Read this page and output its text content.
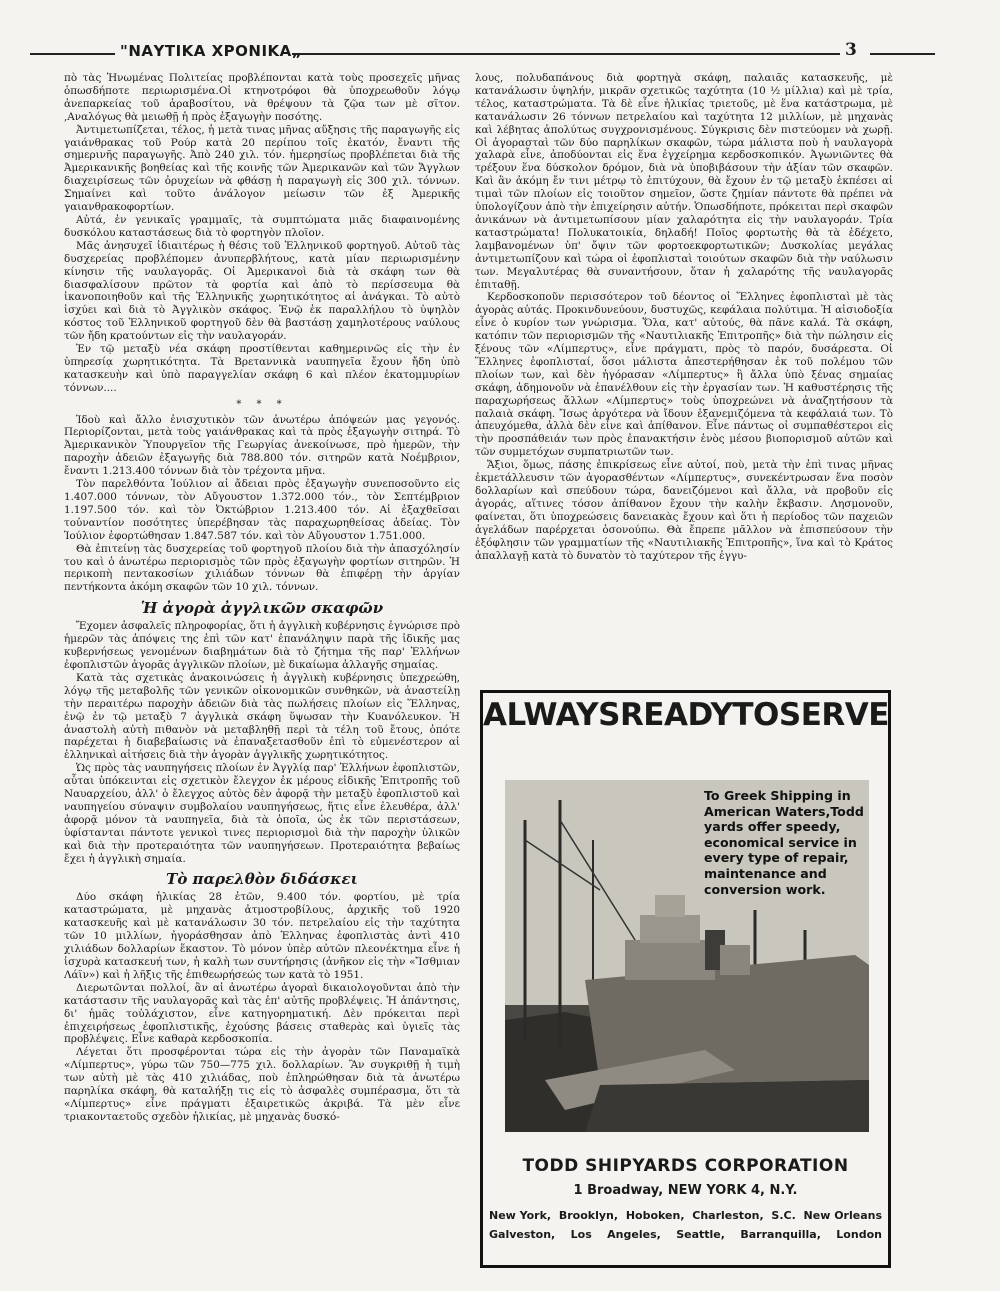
"ΝΑΥΤΙΚΑ ΧΡΟΝΙΚΑ„	3

πὸ τὰς Ἡνωμένας Πολιτείας προβλέπονται κατὰ τοὺς προσεχεῖς μῆνας ὁπωσδήποτε περιωρισμένα.Οἱ κτηνοτρόφοι θὰ ὑποχρεωθοῦν λόγῳ ἀνεπαρκείας τοῦ ἀραβοσίτου, νὰ θρέψουν τὰ ζῷα των μὲ σῖτον. ,Αναλόγως θὰ μειωθῇ ἡ πρὸς ἐξαγωγὴν ποσότης.

Ἀντιμετωπίζεται, τέλος, ἡ μετὰ τινας μῆνας αὔξησις τῆς παραγωγῆς εἰς γαιάνθρακας τοῦ Ρούρ κατὰ 20 περίπου τοῖς ἑκατόν, ἔναντι τῆς σημερινῆς παραγωγῆς. Ἀπὸ 240 χιλ. τόν. ἡμερησίως προβλέπεται διὰ τῆς Ἀμερικανικῆς βοηθείας καὶ τῆς κοινῆς τῶν Ἀμερικανῶν καὶ τῶν Ἄγγλων διαχειρίσεως τῶν ὀρυχείων νὰ φθάσῃ ἡ παραγωγὴ εἰς 300 χιλ. τόννων. Σημαίνει καὶ τοῦτο ἀνάλογον μείωσιν τῶν ἐξ Ἀμερικῆς γαιανθρακοφορτίων.

Αὐτά, ἐν γενικαῖς γραμμαῖς, τὰ συμπτώματα μιᾶς διαφαινομένης δυσκόλου καταστάσεως διὰ τὸ φορτηγὸν πλοῖον.

Μᾶς ἀνησυχεῖ ἰδιαιτέρως ἡ θέσις τοῦ Ἑλληνικοῦ φορτηγοῦ. Αὐτοῦ τὰς δυσχερείας προβλέπομεν ἀνυπερβλήτους, κατὰ μίαν περιωρισμένην κίνησιν τῆς ναυλαγορᾶς. Οἱ Ἀμερικανοὶ διὰ τὰ σκάφη των θὰ διασφαλίσουν πρῶτον τὰ φορτία καὶ ἀπὸ τὸ περίσσευμα θὰ ἱκανοποιηθοῦν καὶ τῆς Ἑλληνικῆς χωρητικότητος αἱ ἀνάγκαι. Τὸ αὐτὸ ἰσχύει καὶ διὰ τὸ Ἀγγλικὸν σκάφος. Ἐνῷ ἐκ παραλλήλου τὸ ὑψηλὸν κόστος τοῦ Ἑλληνικοῦ φορτηγοῦ δὲν θὰ βαστάσῃ χαμηλοτέρους ναύλους τῶν ἤδη κρατούντων εἰς τὴν ναυλαγοράν.

Ἐν τῷ μεταξὺ νέα σκάφη προστίθενται καθημερινῶς εἰς τὴν ἐν ὑπηρεσίᾳ χωρητικότητα. Τὰ Βρεταννικὰ ναυπηγεῖα ἔχουν ἤδη ὑπὸ κατασκευὴν καὶ ὑπὸ παραγγελίαν σκάφη 6 καὶ πλέον ἑκατομμυρίων τόννων....

* * *

Ἰδοὺ καὶ ἄλλο ἐνισχυτικὸν τῶν ἀνωτέρω ἀπόψεών μας γεγονός. Περιορίζονται, μετὰ τοὺς γαιάνθρακας καὶ τὰ πρὸς ἐξαγωγὴν σιτηρά. Τὸ Ἀμερικανικὸν Ὑπουργεῖον τῆς Γεωργίας ἀνεκοίνωσε, πρὸ ἡμερῶν, τὴν παροχὴν ἀδειῶν ἐξαγωγῆς διὰ 788.800 τόν. σιτηρῶν κατὰ Νοέμβριον, ἔναντι 1.213.400 τόννων διὰ τὸν τρέχοντα μῆνα.

Τὸν παρελθόντα Ἰούλιον αἱ ἄδειαι πρὸς ἐξαγωγὴν συνεποσοῦντο εἰς 1.407.000 τόννων, τὸν Αὔγουστον 1.372.000 τόν., τὸν Σεπτέμβριον 1.197.500 τόν. καὶ τὸν Ὀκτώβριον 1.213.400 τόν. Αἱ ἐξαχθεῖσαι τοὐναντίον ποσότητες ὑπερέβησαν τὰς παραχωρηθείσας ἀδείας. Τὸν Ἰούλιον ἐφορτώθησαν 1.847.587 τόν. καὶ τὸν Αὔγουστον 1.751.000.

Θὰ ἐπιτείνῃ τὰς δυσχερείας τοῦ φορτηγοῦ πλοίου διὰ τὴν ἀπασχόλησίν του καὶ ὁ ἀνωτέρω περιορισμὸς τῶν πρὸς ἐξαγωγὴν φορτίων σιτηρῶν. Ἡ περικοπὴ πεντακοσίων χιλιάδων τόννων θὰ ἐπιφέρῃ τὴν ἀργίαν πεντήκοντα ἀκόμη σκαφῶν τῶν 10 χιλ. τόννων.

Ἡ ἀγορὰ ἀγγλικῶν σκαφῶν

Ἔχομεν ἀσφαλεῖς πληροφορίας, ὅτι ἡ ἀγγλικὴ κυβέρνησις ἐγνώρισε πρὸ ἡμερῶν τὰς ἀπόψεις της ἐπὶ τῶν κατ' ἐπανάληψιν παρὰ τῆς ἰδικῆς μας κυβερνήσεως γενομένων διαβημάτων διὰ τὸ ζήτημα τῆς παρ' Ἑλλήνων ἐφοπλιστῶν ἀγορᾶς ἀγγλικῶν πλοίων, μὲ δικαίωμα ἀλλαγῆς σημαίας.

Κατὰ τὰς σχετικὰς ἀνακοινώσεις ἡ ἀγγλικὴ κυβέρνησις ὑπεχρεώθη, λόγῳ τῆς μεταβολῆς τῶν γενικῶν οἰκονομικῶν συνθηκῶν, νὰ ἀναστείλῃ τὴν περαιτέρω παροχὴν ἀδειῶν διὰ τὰς πωλήσεις πλοίων εἰς Ἕλληνας, ἐνῷ ἐν τῷ μεταξὺ 7 ἀγγλικὰ σκάφη ὕψωσαν τὴν Κυανόλευκον. Ἡ ἀναστολὴ αὐτὴ πιθανὸν νὰ μεταβληθῇ περὶ τὰ τέλη τοῦ ἔτους, ὁπότε παρέχεται ἡ διαβεβαίωσις νὰ ἐπαναξετασθοῦν ἐπὶ τὸ εὐμενέστερον αἱ ἑλληνικαὶ αἰτήσεις διὰ τὴν ἀγορὰν ἀγγλικῆς χωρητικότητος.

Ὡς πρὸς τὰς ναυπηγήσεις πλοίων ἐν Ἀγγλίᾳ παρ' Ἑλλήνων ἐφοπλιστῶν, αὗται ὑπόκεινται εἰς σχετικὸν ἔλεγχον ἐκ μέρους εἰδικῆς Ἐπιτροπῆς τοῦ Ναυαρχείου, ἀλλ' ὁ ἔλεγχος αὐτὸς δὲν ἀφορᾷ τὴν μεταξὺ ἐφοπλιστοῦ καὶ ναυπηγείου σύναψιν συμβολαίου ναυπηγήσεως, ἥτις εἶνε ἐλευθέρα, ἀλλ' ἀφορᾷ μόνον τὰ ναυπηγεῖα, διὰ τὰ ὁποῖα, ὡς ἐκ τῶν περιστάσεων, ὑφίστανται πάντοτε γενικοὶ τινες περιορισμοὶ διὰ τὴν παροχὴν ὑλικῶν καὶ διὰ τὴν προτεραιότητα τῶν ναυπηγήσεων. Προτεραιότητα βεβαίως ἔχει ἡ ἀγγλικὴ σημαία.

Τὸ παρελθὸν διδάσκει

Δύο σκάφη ἡλικίας 28 ἐτῶν, 9.400 τόν. φορτίου, μὲ τρία καταστρώματα, μὲ μηχανὰς ἀτμοστροβίλους, ἀρχικῆς τοῦ 1920 κατασκευῆς καὶ μὲ κατανάλωσιν 30 τόν. πετρελαίου εἰς τὴν ταχύτητα τῶν 10 μιλλίων, ἠγοράσθησαν ἀπὸ Ἑλληνας ἐφοπλιστὰς ἀντὶ 410 χιλιάδων δολλαρίων ἕκαστον. Τὸ μόνον ὑπὲρ αὐτῶν πλεονέκτημα εἶνε ἡ ἰσχυρὰ κατασκευή των, ἡ καλὴ των συντήρησις (ἀνῆκον εἰς τὴν «Ἴσθμιαν Λάϊν») καὶ ἡ λῆξις τῆς ἐπιθεωρήσεώς των κατὰ τὸ 1951.

Διερωτῶνται πολλοί, ἂν αἱ ἀνωτέρω ἀγοραὶ δικαιολογοῦνται ἀπὸ τὴν κατάστασιν τῆς ναυλαγορᾶς καὶ τὰς ἐπ' αὐτῆς προβλέψεις. Ἡ ἀπάντησις, δι' ἡμᾶς τοὐλάχιστον, εἶνε κατηγορηματική. Δὲν πρόκειται περὶ ἐπιχειρήσεως ἐφοπλιστικῆς, ἐχούσης βάσεις σταθερὰς καὶ ὑγιεῖς τὰς προβλέψεις. Εἶνε καθαρὰ κερδοσκοπία.

Λέγεται ὅτι προσφέρονται τώρα εἰς τὴν ἀγορὰν τῶν Παναμαϊκὰ «Λίμπερτυς», γύρω τῶν 750—775 χιλ. δολλαρίων. Ἂν συγκριθῇ ἡ τιμὴ των αὐτὴ μὲ τὰς 410 χιλιάδας, ποὺ ἐπληρώθησαν διὰ τὰ ἀνωτέρω παρηλίκα σκάφη, θὰ καταλήξῃ τις εἰς τὸ ἀσφαλὲς συμπέρασμα, ὅτι τὰ «Λίμπερτυς» εἶνε πράγματι ἐξαιρετικῶς ἀκριβά. Τὰ μὲν εἶνε τριακονταετοῦς σχεδὸν ἡλικίας, μὲ μηχανὰς δυσκό-

λους, πολυδαπάνους διὰ φορτηγὰ σκάφη, παλαιᾶς κατασκευῆς, μὲ κατανάλωσιν ὑψηλήν, μικρᾶν σχετικῶς ταχύτητα (10 ½ μίλλια) καὶ μὲ τρία, τέλος, καταστρώματα. Τὰ δὲ εἶνε ἡλικίας τριετοῦς, μὲ ἕνα κατάστρωμα, μὲ κατανάλωσιν 26 τόννων πετρελαίου καὶ ταχύτητα 12 μιλλίων, μὲ μηχανὰς καὶ λέβητας ἀπολύτως συγχρονισμένους. Σύγκρισις δὲν πιστεύομεν νὰ χωρῇ. Οἱ ἀγορασταὶ τῶν δύο παρηλίκων σκαφῶν, τώρα μάλιστα ποὺ ἡ ναυλαγορὰ χαλαρὰ εἶνε, ἀποδύονται εἰς ἕνα ἐγχείρημα κερδοσκοπικόν. Ἀγωνιῶντες θὰ τρέξουν ἕνα δύσκολον δρόμον, διὰ νὰ ὑποβιβάσουν τὴν ἀξίαν τῶν σκαφῶν. Καὶ ἂν ἀκόμη ἔν τινι μέτρῳ τὸ ἐπιτύχουν, θὰ ἔχουν ἐν τῷ μεταξὺ ἐκπέσει αἱ τιμαὶ τῶν πλοίων εἰς τοιοῦτον σημεῖον, ὥστε ζημίαν πάντοτε θὰ πρέπει νὰ ὑπολογίζουν ἀπὸ τὴν ἐπιχείρησιν αὐτήν. Ὁπωσδήποτε, πρόκειται περὶ σκαφῶν ἀνικάνων νὰ ἀντιμετωπίσουν μίαν χαλαρότητα εἰς τὴν ναυλαγοράν. Τρία καταστρώματα! Πολυκατοικία, δηλαδή! Ποῖος φορτωτὴς θὰ τὰ ἐδέχετο, λαμβανομένων ὑπ' ὄψιν τῶν φορτοεκφορτωτικῶν; Δυσκολίας μεγάλας ἀντιμετωπίζουν καὶ τώρα οἱ ἐφοπλισταὶ τοιούτων σκαφῶν διὰ τὴν ναύλωσιν των. Μεγαλυτέρας θὰ συναντήσουν, ὅταν ἡ χαλαρότης τῆς ναυλαγορᾶς ἐπιταθῇ.

Κερδοσκοποῦν περισσότερον τοῦ δέοντος οἱ Ἕλληνες ἐφοπλισταὶ μὲ τὰς ἀγορὰς αὐτάς. Προκινδυνεύουν, δυστυχῶς, κεφάλαια πολύτιμα. Ἡ αἰσιοδοξία εἶνε ὁ κυρίον των γνώρισμα. Ὅλα, κατ' αὐτούς, θὰ πᾶνε καλά. Τὰ σκάφη, κατόπιν τῶν περιορισμῶν τῆς «Ναυτιλιακῆς Ἐπιτροπῆς» διὰ τὴν πώλησιν εἰς ξένους τῶν «Λίμπερτυς», εἶνε πράγματι, πρὸς τὸ παρόν, δυσάρεστα. Οἱ Ἕλληνες ἐφοπλισταί, ὅσοι μάλιστα ἀπεστερήθησαν ἐκ τοῦ πολέμου τῶν πλοίων των, καὶ δὲν ἠγόρασαν «Λίμπερτυς» ἢ ἄλλα ὑπὸ ξένας σημαίας σκάφη, ἀδημονοῦν νὰ ἐπανέλθουν εἰς τὴν ἐργασίαν των. Ἡ καθυστέρησις τῆς παραχωρήσεως ἄλλων «Λίμπερτυς» τοὺς ὑποχρεώνει νὰ ἀναζητήσουν τὰ παλαιὰ σκάφη. Ἴσως ἀργότερα νὰ ἴδουν ἐξανεμιζόμενα τὰ κεφάλαιά των. Τὸ ἀπευχόμεθα, ἀλλὰ δὲν εἶνε καὶ ἀπίθανον. Εἶνε πάντως οἱ συμπαθέστεροι εἰς τὴν προσπάθειάν των πρὸς ἐπανακτήσιν ἑνὸς μέσου βιοπορισμοῦ αὐτῶν καὶ τῶν συμμετόχων συμπατριωτῶν των.

Ἄξιοι, ὅμως, πάσης ἐπικρίσεως εἶνε αὐτοί, ποὺ, μετὰ τὴν ἐπὶ τινας μῆνας ἐκμετάλλευσιν τῶν ἀγορασθέντων «Λίμπερτυς», συνεκέντρωσαν ἕνα ποσὸν δολλαρίων καὶ σπεύδουν τώρα, δανειζόμενοι καὶ ἄλλα, νὰ προβοῦν εἰς ἀγοράς, αἵτινες τόσον ἀπίθανον ἔχουν τὴν καλὴν ἔκβασιν. Λησμονοῦν, φαίνεται, ὅτι ὑποχρεώσεις δανειακὰς ἔχουν καὶ ὅτι ἡ περίοδος τῶν παχειῶν ἀγελάδων παρέρχεται ὁσονούπω. Θὰ ἔπρεπε μᾶλλον νὰ ἐπισπεύσουν τὴν ἐξόφλησιν τῶν γραμματίων τῆς «Ναυτιλιακῆς Ἐπιτροπῆς», ἵνα καὶ τὸ Κράτος ἀπαλλαγῇ κατὰ τὸ δυνατὸν τὸ ταχύτερον τῆς ἐγγυ-

ALWAYSREADYTOSERVE
To Greek Shipping in American Waters,Todd yards offer speedy, economical service in every type of repair, maintenance and conversion work.
TODD SHIPYARDS CORPORATION
1 Broadway, NEW YORK 4, N.Y.
New York, Brooklyn, Hoboken, Charleston, S.C. New Orleans
Galveston, Los Angeles, Seattle, Barranquilla, London
